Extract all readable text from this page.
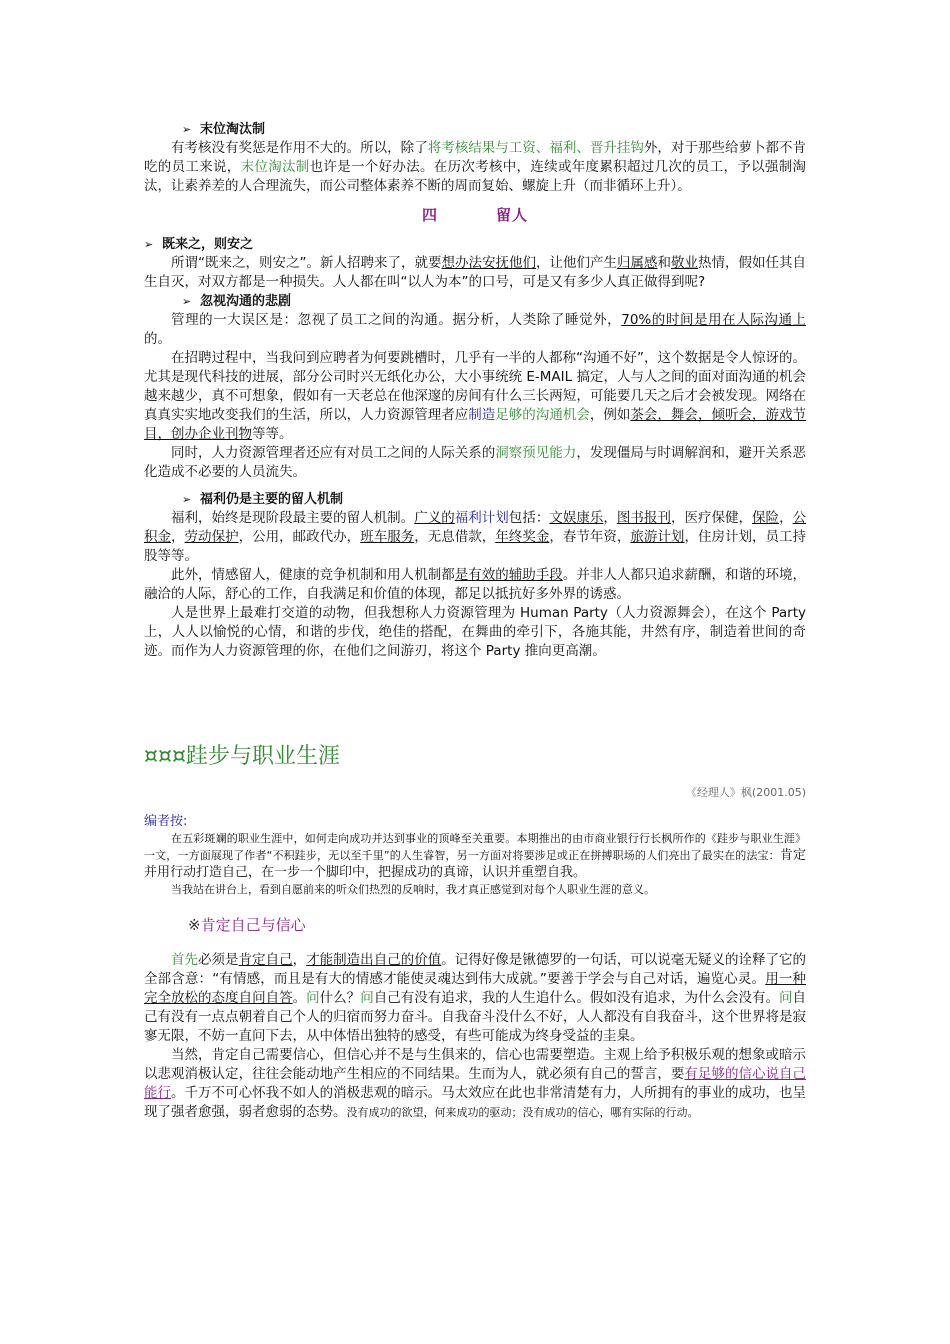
➢ 末位淘汰制

有考核没有奖惩是作用不大的。所以，除了将考核结果与工资、福利、晋升挂钩外，对于那些给萝卜都不肯吃的员工来说，末位淘汰制也许是一个好办法。在历次考核中，连续或年度累积超过几次的员工，予以强制淘汰，让素养差的人合理流失，而公司整体素养不断的周而复始、螺旋上升（而非循环上升）。

四	留人

➢ 既来之，则安之

所谓“既来之，则安之”。新人招聘来了，就要想办法安抚他们，让他们产生归属感和敬业热情，假如任其自生自灭，对双方都是一种损失。人人都在叫“以人为本”的口号，可是又有多少人真正做得到呢?

➢ 忽视沟通的悲剧

管理的一大误区是：忽视了员工之间的沟通。据分析，人类除了睡觉外，70%的时间是用在人际沟通上的。

在招聘过程中，当我问到应聘者为何要跳槽时，几乎有一半的人都称“沟通不好”，这个数据是令人惊讶的。尤其是现代科技的进展，部分公司时兴无纸化办公，大小事统统 E-MAIL 搞定，人与人之间的面对面沟通的机会越来越少，真不可想象，假如有一天老总在他深邃的房间有什么三长两短，可能要几天之后才会被发现。网络在真真实实地改变我们的生活，所以，人力资源管理者应制造足够的沟通机会，例如茶会，舞会，倾听会，游戏节目，创办企业刊物等等。

同时，人力资源管理者还应有对员工之间的人际关系的洞察预见能力，发现僵局与时调解润和，避开关系恶化造成不必要的人员流失。

➢ 福利仍是主要的留人机制

福利，始终是现阶段最主要的留人机制。广义的福利计划包括：文娱康乐，图书报刊，医疗保健，保险，公积金，劳动保护，公用，邮政代办，班车服务，无息借款，年终奖金，春节年资，旅游计划，住房计划，员工持股等等。

此外，情感留人，健康的竞争机制和用人机制都是有效的辅助手段。并非人人都只追求薪酬，和谐的环境，融洽的人际，舒心的工作，自我满足和价值的体现，都足以抵抗好多外界的诱惑。

人是世界上最难打交道的动物，但我想称人力资源管理为 Human Party（人力资源舞会），在这个 Party 上，人人以愉悦的心情，和谐的步伐，绝佳的搭配，在舞曲的牵引下，各施其能，井然有序，制造着世间的奇迹。而作为人力资源管理的你，在他们之间游刃，将这个 Party 推向更高潮。

¤¤¤跬步与职业生涯

《经理人》枫(2001.05)

编者按:

在五彩斑斓的职业生涯中，如何走向成功并达到事业的顶峰至关重要。本期推出的由市商业银行行长枫所作的《跬步与职业生涯》一文，一方面展现了作者“不积跬步，无以至千里”的人生睿智，另一方面对将要涉足或正在拼搏职场的人们亮出了最实在的法宝：肯定并用行动打造自己，在一步一个脚印中，把握成功的真谛，认识并重塑自我。

当我站在讲台上，看到自愿前来的听众们热烈的反响时，我才真正感觉到对每个人职业生涯的意义。

※肯定自己与信心

首先必须是肯定自己，才能制造出自己的价值。记得好像是锹德罗的一句话，可以说毫无疑义的诠释了它的全部含意：“有情感，而且是有大的情感才能使灵魂达到伟大成就。”要善于学会与自己对话，遍览心灵。用一种完全放松的态度自问自答。问什么？问自己有没有追求，我的人生追什么。假如没有追求，为什么会没有。问自己有没有一点点朝着自己个人的归宿而努力奋斗。自我奋斗没什么不好，人人都没有自我奋斗，这个世界将是寂寥无限，不妨一直问下去，从中体悟出独特的感受，有些可能成为终身受益的圭臬。

当然，肯定自己需要信心，但信心并不是与生俱来的，信心也需要塑造。主观上给予积极乐观的想象或暗示以悲观消极认定，往往会能动地产生相应的不同结果。生而为人，就必须有自己的誓言，要有足够的信心说自己能行。千万不可心怀我不如人的消极悲观的暗示。马太效应在此也非常清楚有力，人所拥有的事业的成功，也呈现了强者愈强，弱者愈弱的态势。没有成功的欲望，何来成功的驱动；没有成功的信心，哪有实际的行动。
